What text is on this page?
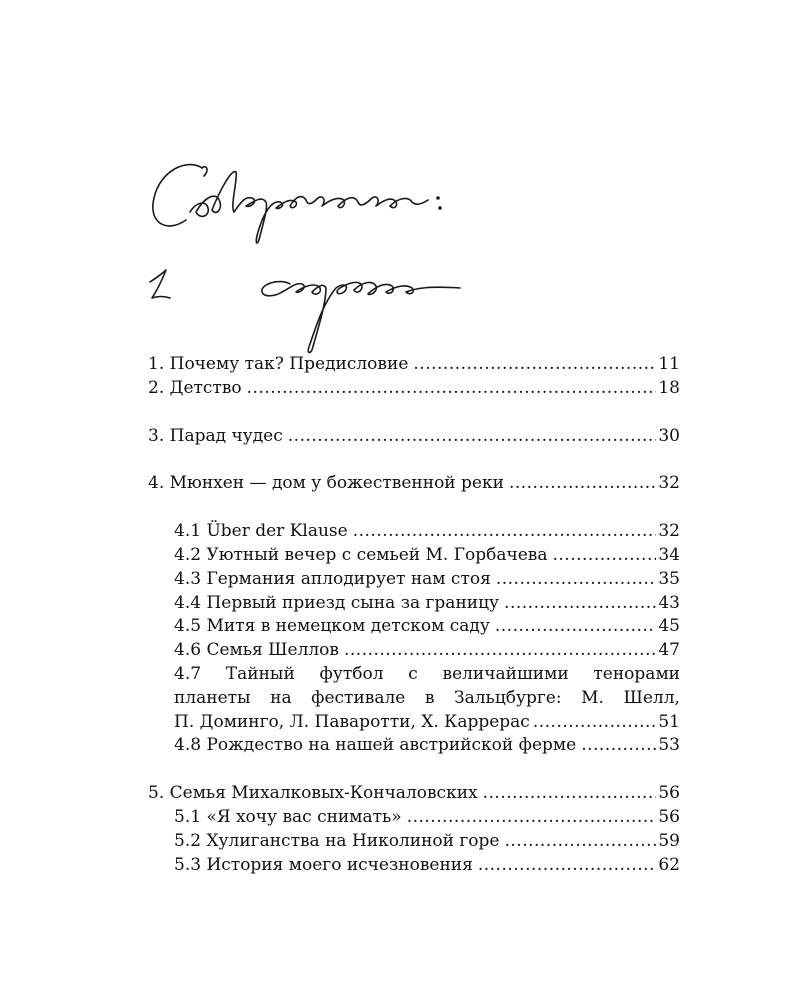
1. Почему так? Предисловие .....	11
2. Детство .....	18
3. Парад чудес .....	30
4. Мюнхен — дом у божественной реки .....	32
4.1 Über der Klause .....	32
4.2 Уютный вечер с семьей М. Горбачева .....	34
4.3 Германия аплодирует нам стоя .....	35
4.4 Первый приезд сына за границу .....	43
4.5 Митя в немецком детском саду .....	45
4.6 Семья Шеллов .....	47
4.7 Тайный футбол с величайшими тенорами
планеты на фестивале в Зальцбурге: М. Шелл,
П. Доминго, Л. Паваротти, Х. Каррерас .....	51
4.8 Рождество на нашей австрийской ферме .....	53
5. Семья Михалковых-Кончаловских .....	56
5.1 «Я хочу вас снимать» .....	56
5.2 Хулиганства на Николиной горе .....	59
5.3 История моего исчезновения .....	62
